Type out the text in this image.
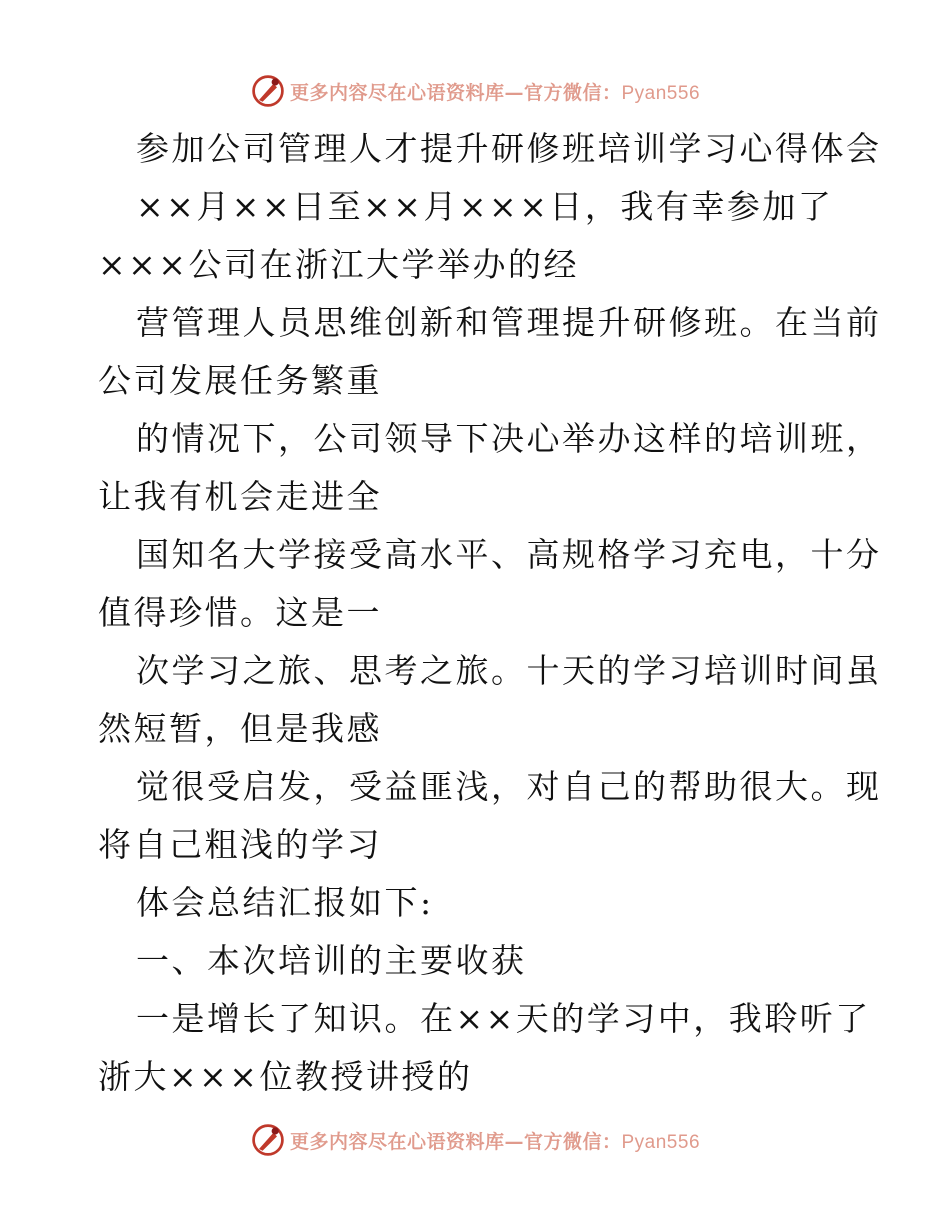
更多内容尽在心语资料库—官方微信：Pyan556
参加公司管理人才提升研修班培训学习心得体会
××月××日至××月×××日，我有幸参加了
×××公司在浙江大学举办的经
营管理人员思维创新和管理提升研修班。在当前
公司发展任务繁重
的情况下，公司领导下决心举办这样的培训班，
让我有机会走进全
国知名大学接受高水平、高规格学习充电，十分
值得珍惜。这是一
次学习之旅、思考之旅。十天的学习培训时间虽
然短暂，但是我感
觉很受启发，受益匪浅，对自己的帮助很大。现
将自己粗浅的学习
体会总结汇报如下:
一、本次培训的主要收获
一是增长了知识。在××天的学习中，我聆听了
浙大×××位教授讲授的
更多内容尽在心语资料库—官方微信：Pyan556
